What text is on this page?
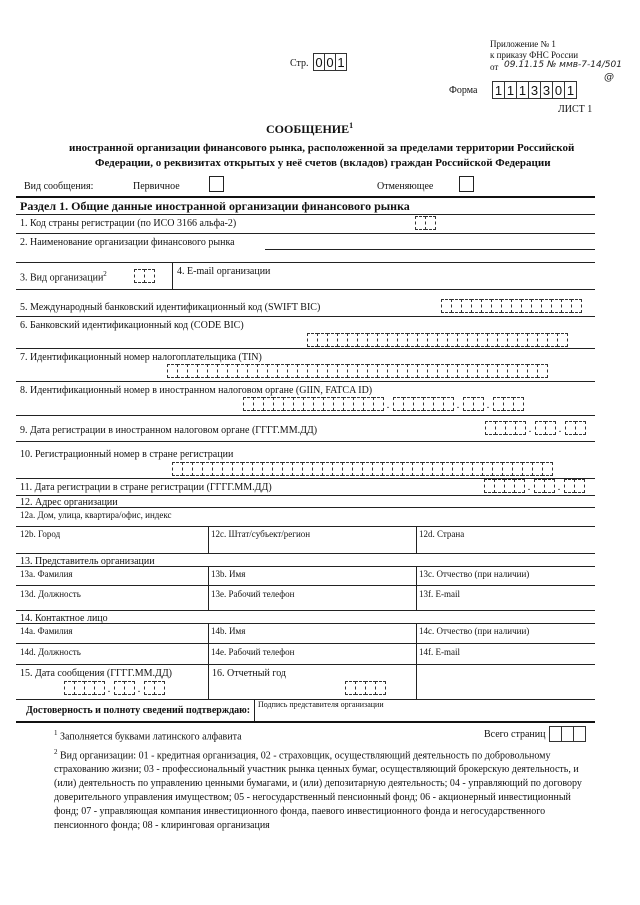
Приложение № 1
к приказу ФНС России
от 09.11.15 № ммв-7-14/501
@
Стр. 0 0 1
Форма 1 1 1 3 3 0 1
ЛИСТ 1
СООБЩЕНИЕ$^1$
иностранной организации финансового рынка, расположенной за пределами территории Российской
Федерации, о реквизитах открытых у неё счетов (вкладов) граждан Российской Федерации
Вид сообщения:	Первичное	Отменяющее
Раздел 1. Общие данные иностранной организации финансового рынка
1. Код страны регистрации (по ИСО 3166 альфа-2)
2. Наименование организации финансового рынка
3. Вид организации$^2$	4. E-mail организации
5. Международный банковский идентификационный код (SWIFT BIC)
6. Банковский идентификационный код (CODE BIC)
7. Идентификационный номер налогоплательщика (TIN)
8. Идентификационный номер в иностранном налоговом органе (GIIN, FATCA ID)
.	.	.
9. Дата регистрации в иностранном налоговом органе (ГГГГ.ММ.ДД)	.	.
10. Регистрационный номер в стране регистрации
11. Дата регистрации в стране регистрации (ГГГГ.ММ.ДД)	.	.
12. Адрес организации
12a. Дом, улица, квартира/офис, индекс
12b. Город	12c. Штат/субъект/регион	12d. Страна
13. Представитель организации
13a. Фамилия	13b. Имя	13c. Отчество (при наличии)
13d. Должность	13e. Рабочий телефон	13f. E-mail
14. Контактное лицо
14a. Фамилия	14b. Имя	14c. Отчество (при наличии)
14d. Должность	14e. Рабочий телефон	14f. E-mail
15. Дата сообщения (ГГГГ.ММ.ДД)
.	.
16. Отчетный год
Достоверность и полноту сведений подтверждаю:
Подпись представителя организации
$^1$ Заполняется буквами латинского алфавита	Всего страниц
$^2$ Вид организации: 01 - кредитная организация, 02 - страховщик, осуществляющий деятельность по добровольному
страхованию жизни; 03 - профессиональный участник рынка ценных бумаг, осуществляющий брокерскую деятельность, и
(или) деятельность по управлению ценными бумагами, и (или) депозитарную деятельность; 04 - управляющий по договору
доверительного управления имуществом; 05 - негосударственный пенсионный фонд; 06 - акционерный инвестиционный
фонд; 07 - управляющая компания инвестиционного фонда, паевого инвестиционного фонда и негосударственного
пенсионного фонда; 08 - клиринговая организация
